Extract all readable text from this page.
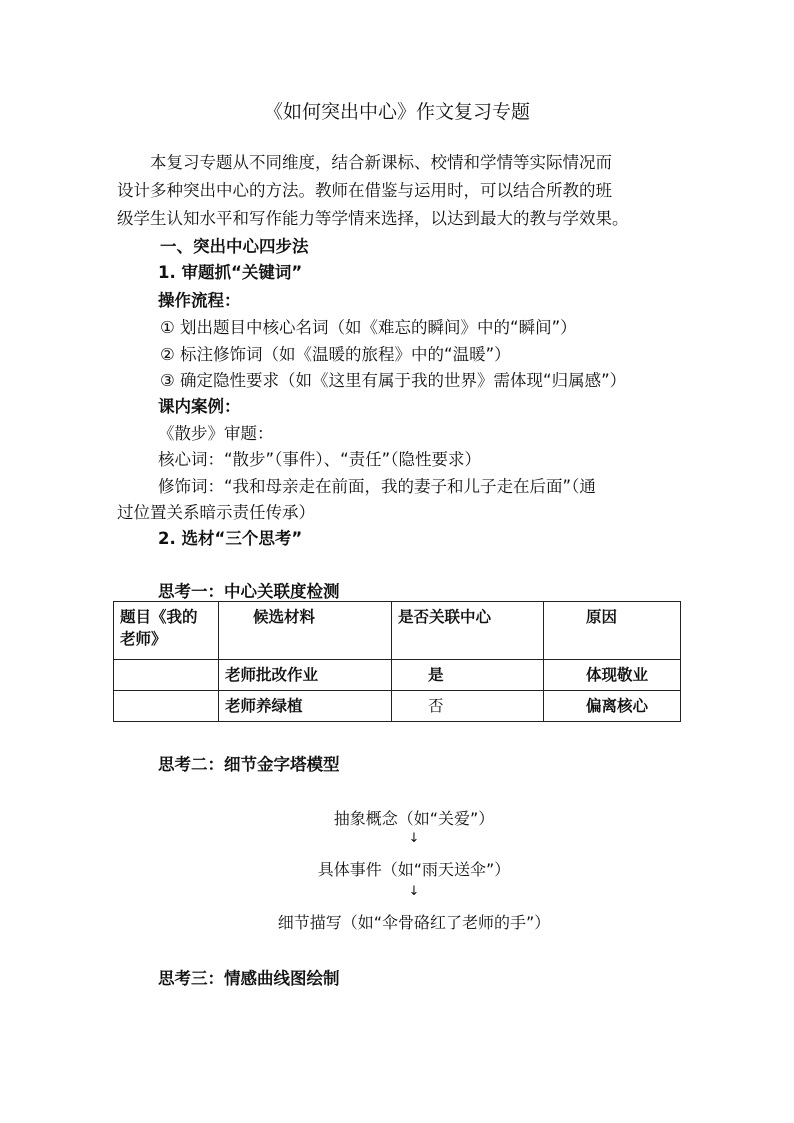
《如何突出中心》作文复习专题
　　本复习专题从不同维度，结合新课标、校情和学情等实际情况而
设计多种突出中心的方法。教师在借鉴与运用时，可以结合所教的班
级学生认知水平和写作能力等学情来选择，以达到最大的教与学效果。
一、突出中心四步法
1. 审题抓“关键词”
操作流程：
① 划出题目中核心名词（如《难忘的瞬间》中的“瞬间”）
② 标注修饰词（如《温暖的旅程》中的“温暖”）
③ 确定隐性要求（如《这里有属于我的世界》需体现“归属感”）
课内案例：
《散步》审题：
核心词：“散步”（事件）、“责任”（隐性要求）
修饰词：“我和母亲走在前面，我的妻子和儿子走在后面”（通
过位置关系暗示责任传承）
2. 选材“三个思考”
思考一：中心关联度检测
题目《我的老师》	候选材料	是否关联中心	原因
	老师批改作业	是	体现敬业
	老师养绿植	否	偏离核心
思考二：细节金字塔模型
抽象概念（如“关爱”）
↓
具体事件（如“雨天送伞”）
↓
细节描写（如“伞骨硌红了老师的手”）
思考三：情感曲线图绘制
